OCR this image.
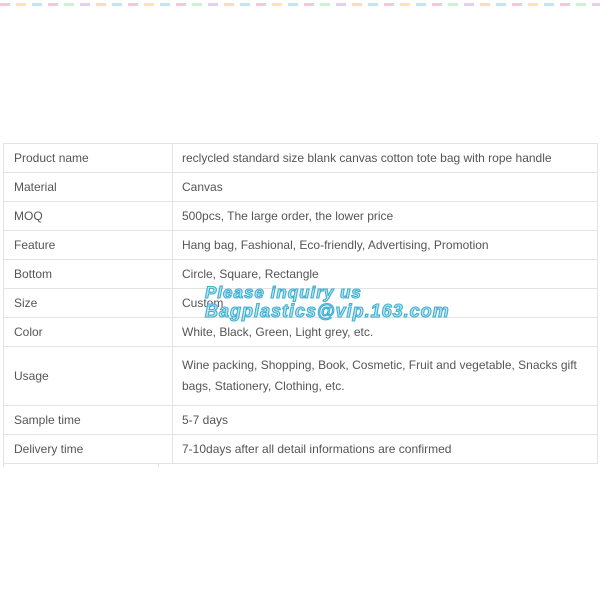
Product name	reclycled standard size blank canvas cotton tote bag with rope handle
Material	Canvas
MOQ	500pcs, The large order, the lower price
Feature	Hang bag, Fashional, Eco-friendly, Advertising, Promotion
Bottom	Circle, Square, Rectangle
Size	Custom
Color	White, Black, Green, Light grey, etc.
Usage	Wine packing, Shopping, Book, Cosmetic, Fruit and vegetable, Snacks gift bags, Stationery, Clothing, etc.
Sample time	5-7 days
Delivery time	7-10days after all detail informations are confirmed
Please inquiry us
Bagplastics@vip.163.com
